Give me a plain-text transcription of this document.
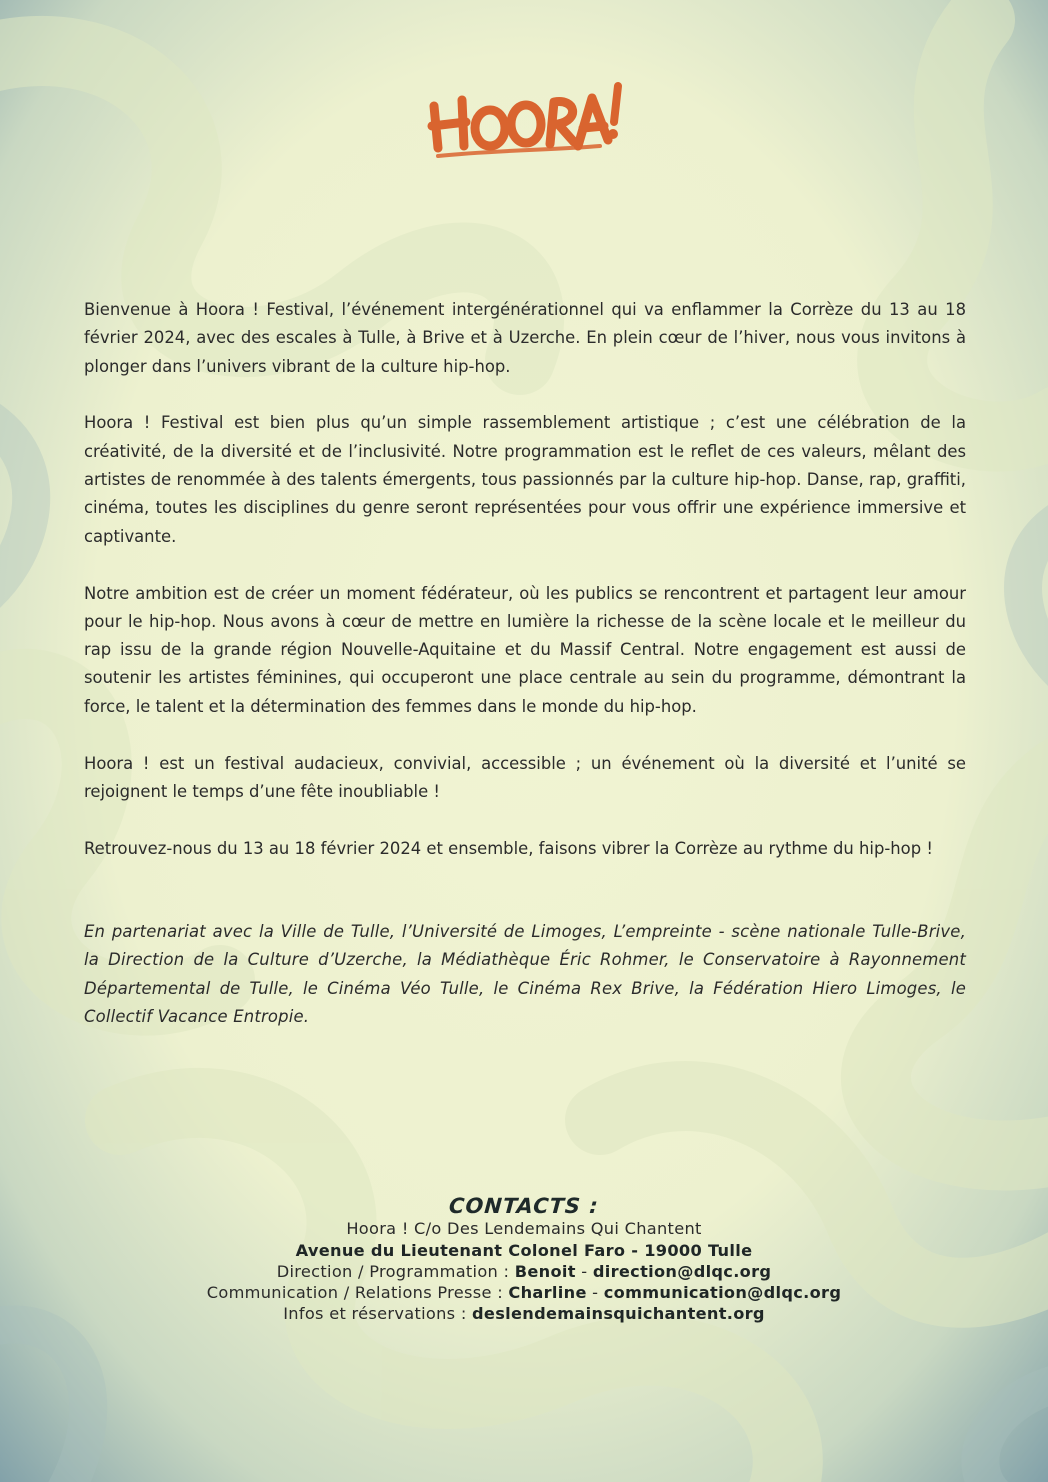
Bienvenue à Hoora ! Festival, l’événement intergénérationnel qui va enflammer la Corrèze du 13 au 18 février 2024, avec des escales à Tulle, à Brive et à Uzerche. En plein cœur de l’hiver, nous vous invitons à plonger dans l’univers vibrant de la culture hip-hop.

Hoora ! Festival est bien plus qu’un simple rassemblement artistique ; c’est une célébration de la créativité, de la diversité et de l’inclusivité. Notre programmation est le reflet de ces valeurs, mêlant des artistes de renommée à des talents émergents, tous passionnés par la culture hip-hop. Danse, rap, graffiti, cinéma, toutes les disciplines du genre seront représentées pour vous offrir une expérience immersive et captivante.

Notre ambition est de créer un moment fédérateur, où les publics se rencontrent et partagent leur amour pour le hip-hop. Nous avons à cœur de mettre en lumière la richesse de la scène locale et le meilleur du rap issu de la grande région Nouvelle-Aquitaine et du Massif Central. Notre engagement est aussi de soutenir les artistes féminines, qui occuperont une place centrale au sein du programme, démontrant la force, le talent et la détermination des femmes dans le monde du hip-hop.

Hoora ! est un festival audacieux, convivial, accessible ; un événement où la diversité et l’unité se rejoignent le temps d’une fête inoubliable !

Retrouvez-nous du 13 au 18 février 2024 et ensemble, faisons vibrer la Corrèze au rythme du hip-hop !

En partenariat avec la Ville de Tulle, l’Université de Limoges, L’empreinte - scène nationale Tulle-Brive, la Direction de la Culture d’Uzerche, la Médiathèque Éric Rohmer, le Conservatoire à Rayonnement Départemental de Tulle, le Cinéma Véo Tulle, le Cinéma Rex Brive, la Fédération Hiero Limoges, le Collectif Vacance Entropie.
CONTACTS :
Hoora ! C/o Des Lendemains Qui Chantent
Avenue du Lieutenant Colonel Faro - 19000 Tulle
Direction / Programmation : Benoit - direction@dlqc.org
Communication / Relations Presse : Charline - communication@dlqc.org
Infos et réservations : deslendemainsquichantent.org
